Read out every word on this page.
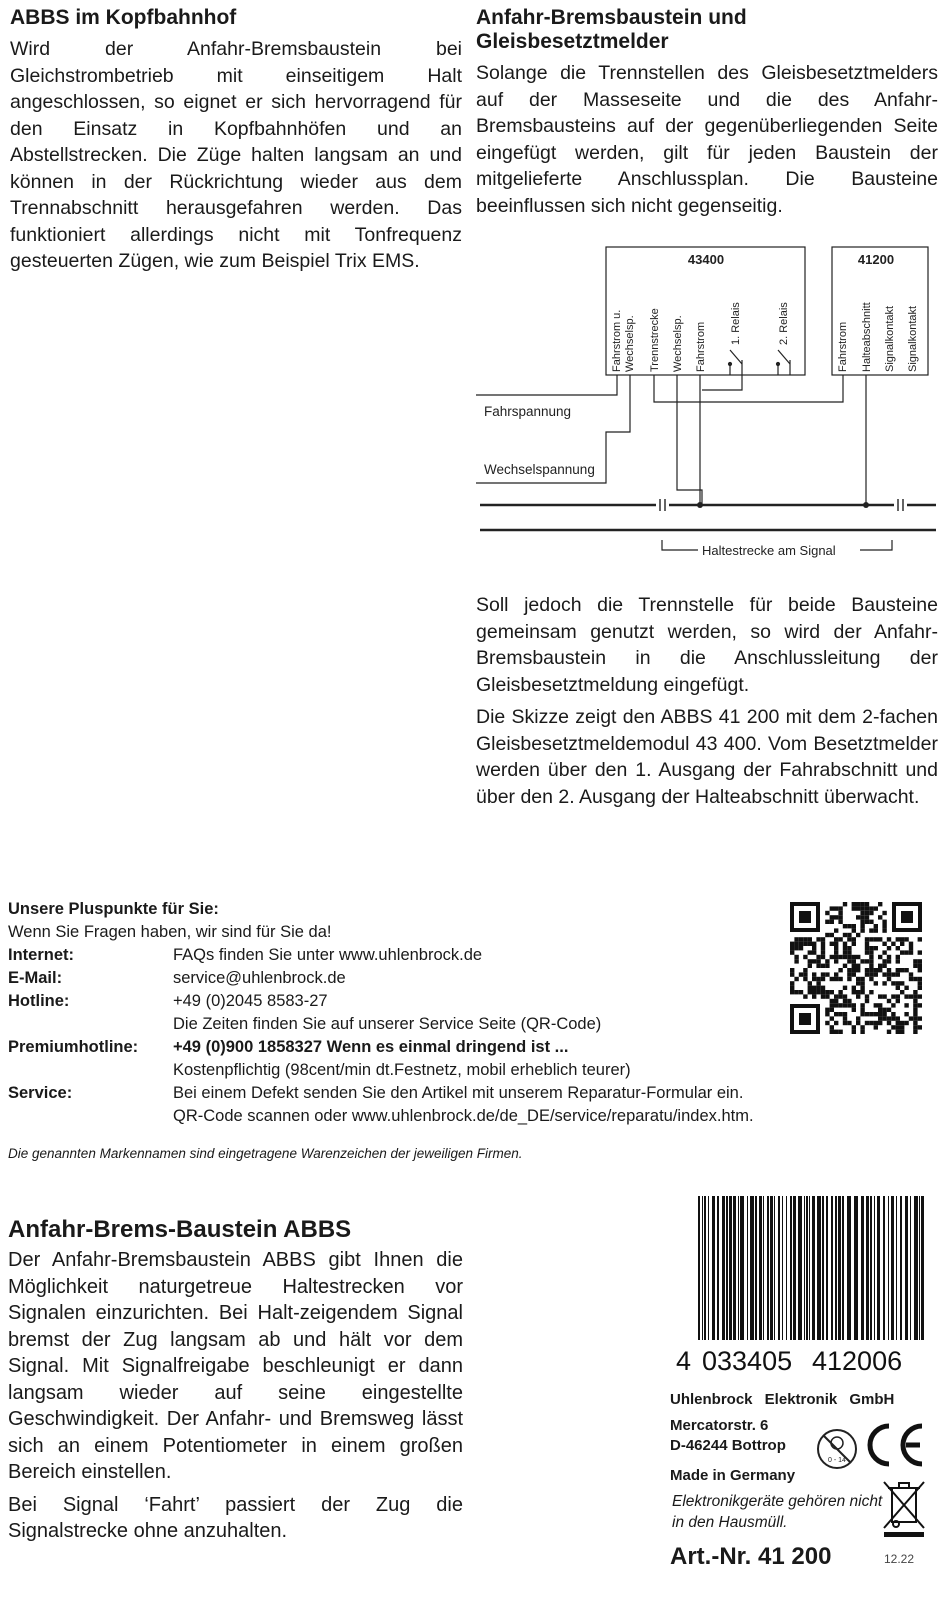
ABBS im Kopfbahnhof

Wird der Anfahr-Bremsbaustein bei Gleichstrombetrieb mit einseitigem Halt angeschlossen, so eignet er sich hervorragend für den Einsatz in Kopfbahnhöfen und an Abstellstrecken. Die Züge halten langsam an und können in der Rückrichtung wieder aus dem Trennabschnitt herausgefahren werden. Das funktioniert allerdings nicht mit Tonfrequenz gesteuerten Zügen, wie zum Beispiel Trix EMS.

Anfahr-Bremsbaustein und
Gleisbesetztmelder

Solange die Trennstellen des Gleisbesetztmelders auf der Masseseite und die des Anfahr-Bremsbausteins auf der gegenüberliegenden Seite eingefügt werden, gilt für jeden Baustein der mitgelieferte Anschlussplan. Die Bausteine beeinflussen sich nicht gegenseitig.

43400	41200
Fahrstrom u. Wechselsp. Trennstrecke Wechselsp. Fahrstrom 1. Relais	2. Relais	Fahrstrom Halteabschnitt Signalkontakt Signalkontakt
Fahrspannung
Wechselspannung
Haltestrecke am Signal

Soll jedoch die Trennstelle für beide Bausteine gemeinsam genutzt werden, so wird der Anfahr-Bremsbaustein in die Anschlussleitung der Gleisbesetztmeldung eingefügt.

Die Skizze zeigt den ABBS 41 200 mit dem 2-fachen Gleisbesetztmeldemodul 43 400. Vom Besetztmelder werden über den 1. Ausgang der Fahrabschnitt und über den 2. Ausgang der Halteabschnitt überwacht.

Unsere Pluspunkte für Sie:
Wenn Sie Fragen haben, wir sind für Sie da!
Internet:	FAQs finden Sie unter www.uhlenbrock.de
E-Mail:	service@uhlenbrock.de
Hotline:	+49 (0)2045 8583-27
Die Zeiten finden Sie auf unserer Service Seite (QR-Code)
Premiumhotline:	+49 (0)900 1858327 Wenn es einmal dringend ist ...
Kostenpflichtig (98cent/min dt.Festnetz, mobil erheblich teurer)
Service:	Bei einem Defekt senden Sie den Artikel mit unserem Reparatur-Formular ein.
QR-Code scannen oder www.uhlenbrock.de/de_DE/service/reparatu/index.htm.
Die genannten Markennamen sind eingetragene Warenzeichen der jeweiligen Firmen.
Anfahr-Brems-Baustein ABBS

Der Anfahr-Bremsbaustein ABBS gibt Ihnen die Möglichkeit naturgetreue Haltestrecken vor Signalen einzurichten. Bei Halt-zeigendem Signal bremst der Zug langsam ab und hält vor dem Signal. Mit Signalfreigabe beschleunigt er dann langsam wieder auf seine eingestellte Geschwindigkeit. Der Anfahr- und Bremsweg lässt sich an einem Potentiometer in einem großen Bereich einstellen.

Bei Signal ‘Fahrt’ passiert der Zug die Signalstrecke ohne anzuhalten.

4 033405 412006
Uhlenbrock Elektronik GmbH
Mercatorstr. 6
D-46244 Bottrop
Made in Germany
0 - 14
Elektronikgeräte gehören nicht in den Hausmüll.
Art.-Nr. 41 200	12.22
